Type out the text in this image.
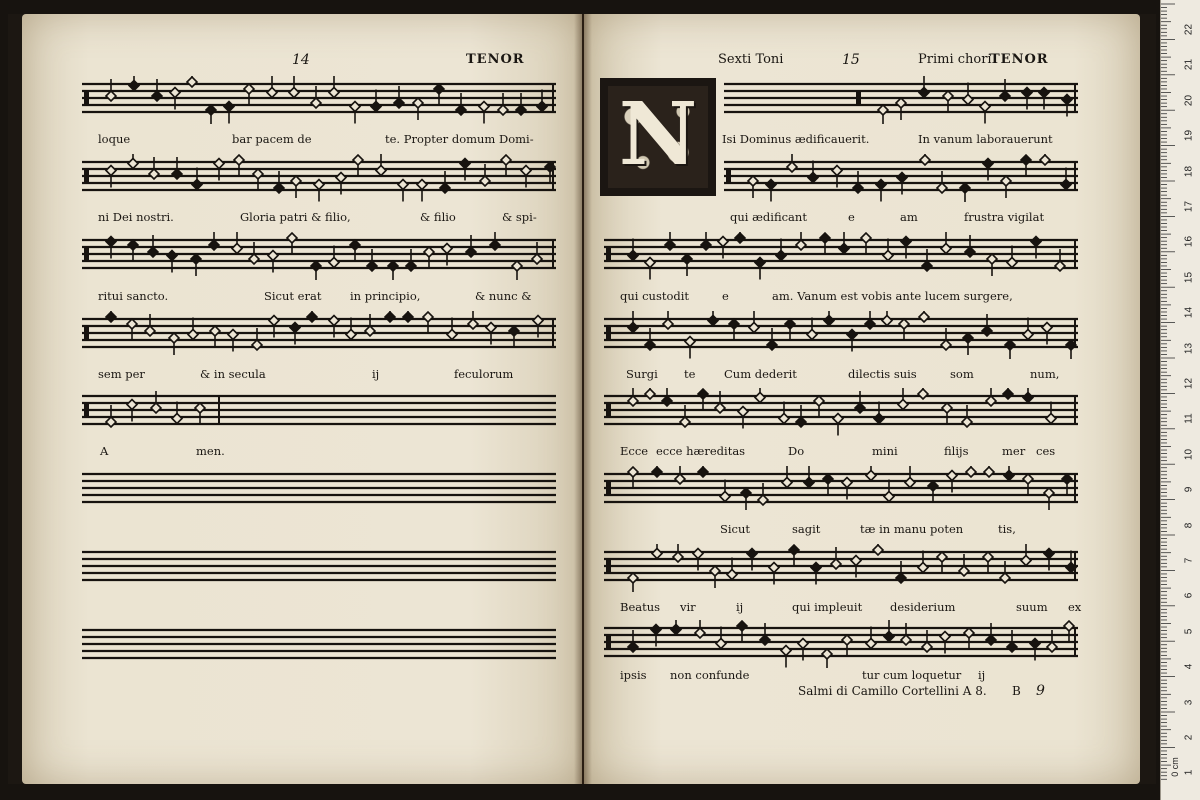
14	TENOR

loque	bar pacem de	te. Propter domum Domi-

ni Dei nostri.	Gloria patri & filio,	& filio	& spi-

ritui sancto.	Sicut erat in principio,	& nunc &

sem per	& in secula	ij	feculorum

A	men.

Sexti Toni	15	Primi chori

TENOR

N	Isi Dominus ædificauerit.	In vanum laborauerunt

qui ædificant	e	am	frustra vigilat

qui custodit	e	am. Vanum est vobis ante lucem surgere,

Surgi te Cum dederit	dilectis suis	som	num,

Ecce ecce hæreditas	Do	mini	filijs	mer ces

Sicut	sagit	tæ in manu poten	tis,

Beatus vir	ij	qui impleuit desiderium	suum ex

ipsis non confunde	tur cum loquetur ij

Salmi di Camillo Cortellini A 8. B 9

22

21

20

19

18

17

16

15

14

13

12

11

10

9

8

7

6

5

4

3

2

1

0 cm
